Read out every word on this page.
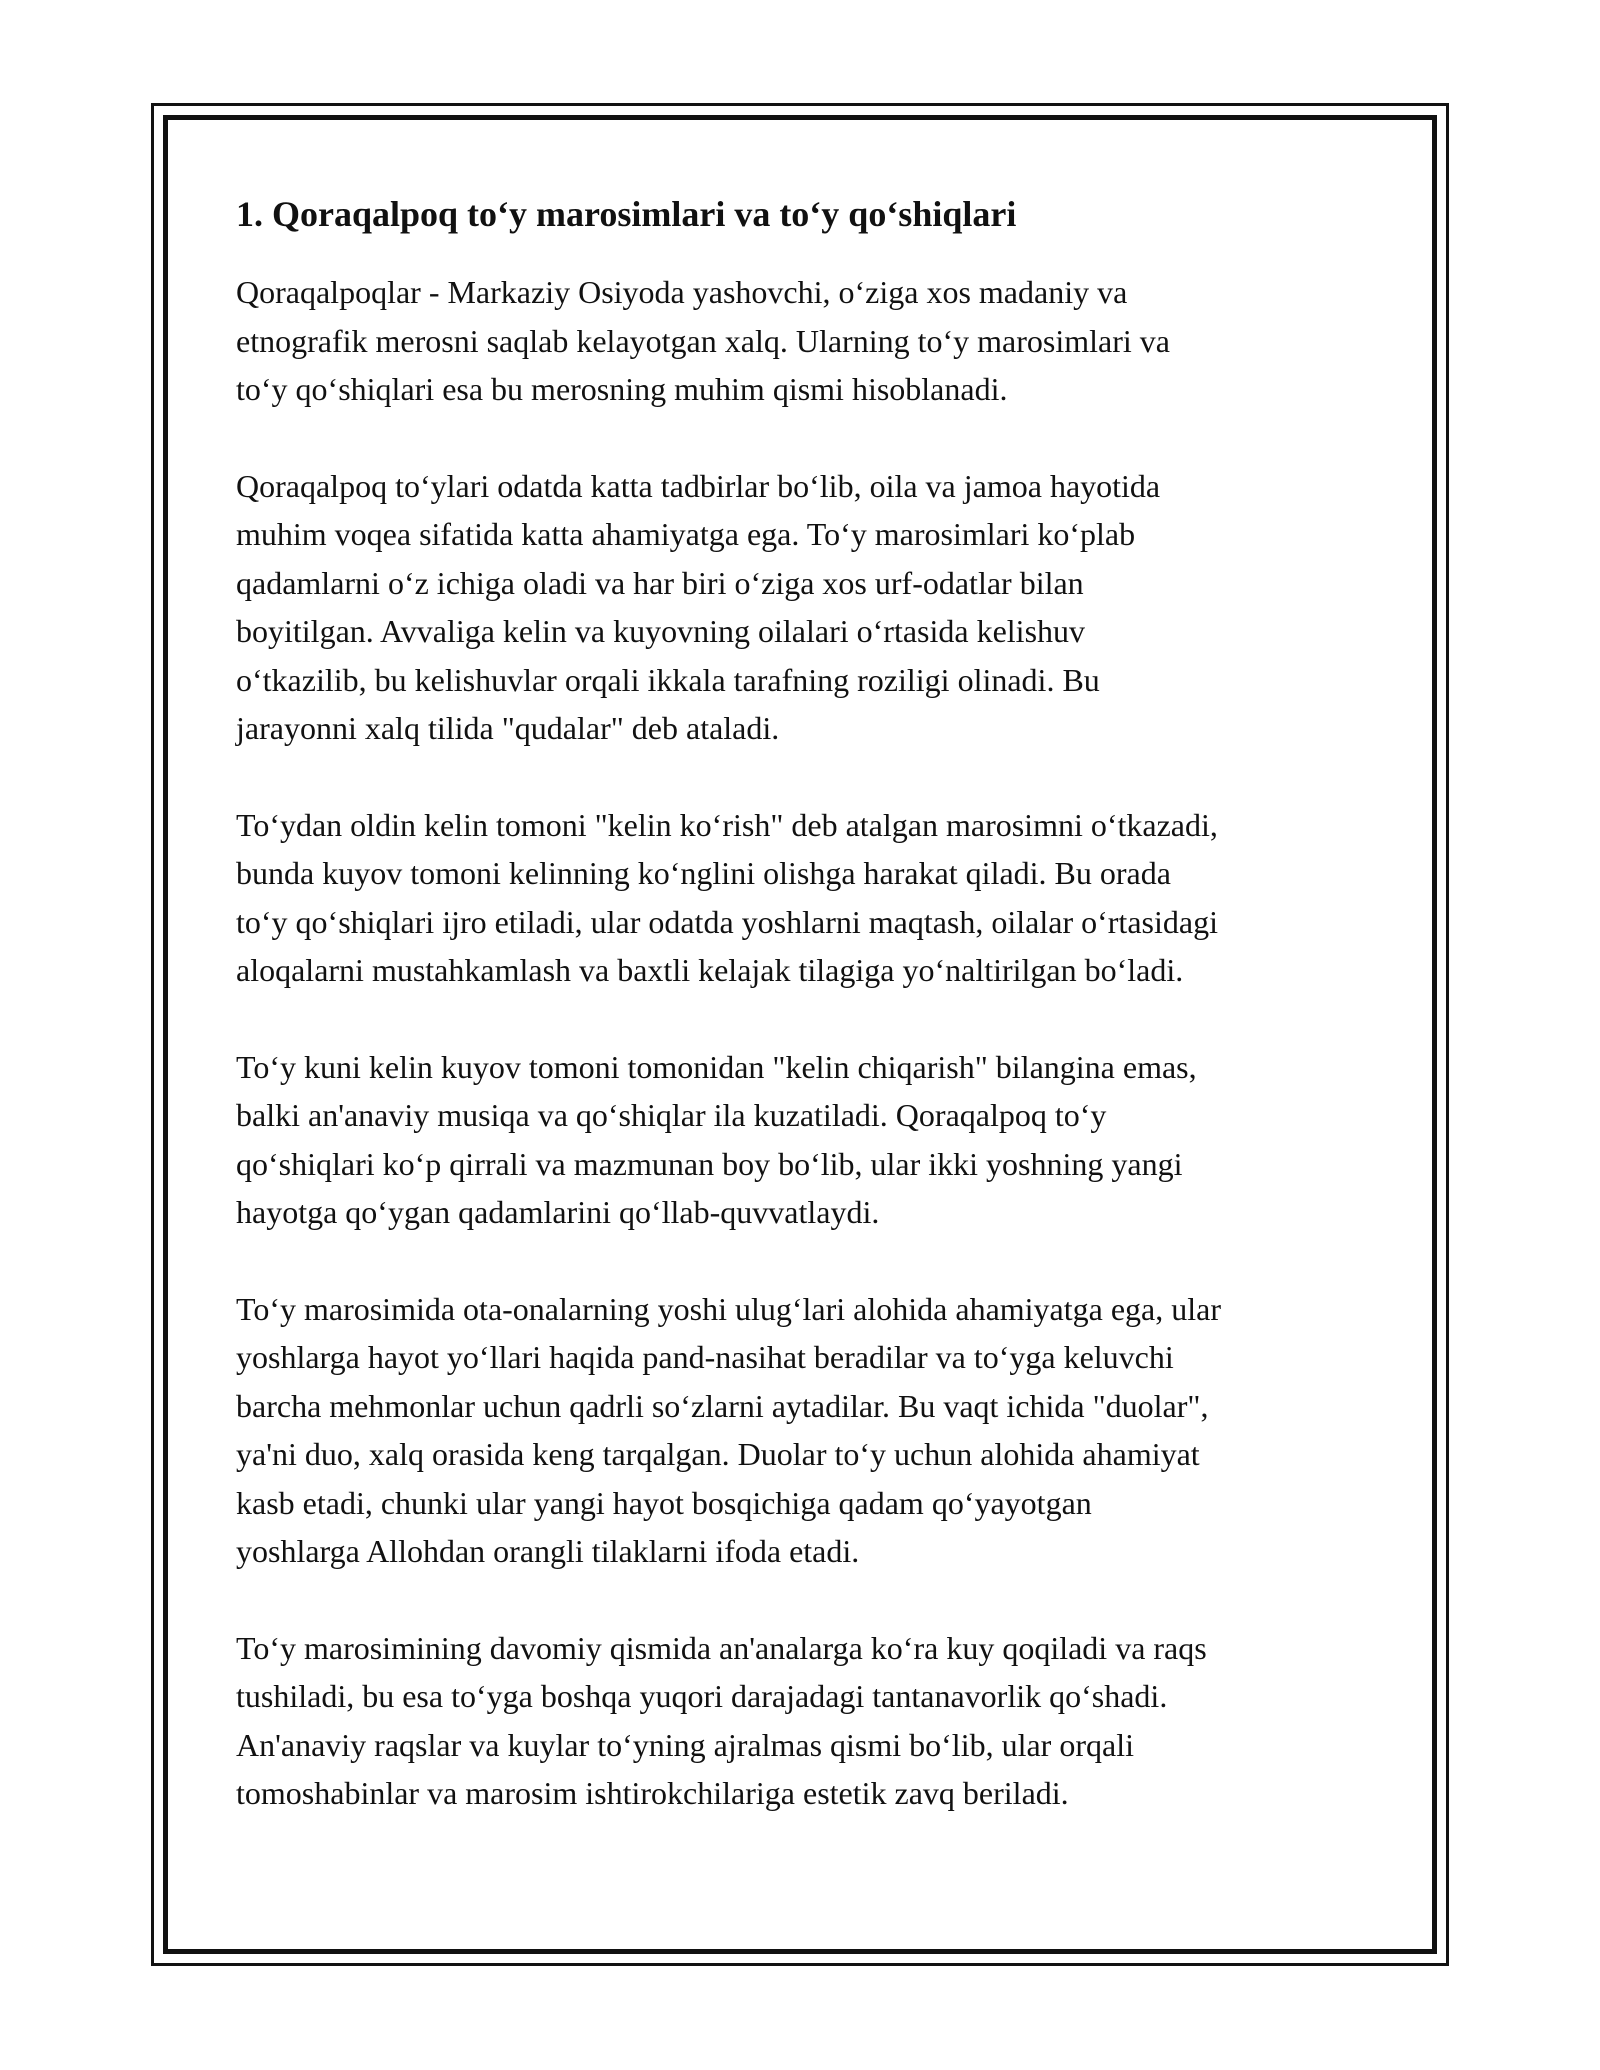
1. Qoraqalpoq to‘y marosimlari va to‘y qo‘shiqlari

Qoraqalpoqlar - Markaziy Osiyoda yashovchi, o‘ziga xos madaniy va
etnografik merosni saqlab kelayotgan xalq. Ularning to‘y marosimlari va
to‘y qo‘shiqlari esa bu merosning muhim qismi hisoblanadi.

Qoraqalpoq to‘ylari odatda katta tadbirlar bo‘lib, oila va jamoa hayotida
muhim voqea sifatida katta ahamiyatga ega. To‘y marosimlari ko‘plab
qadamlarni o‘z ichiga oladi va har biri o‘ziga xos urf-odatlar bilan
boyitilgan. Avvaliga kelin va kuyovning oilalari o‘rtasida kelishuv
o‘tkazilib, bu kelishuvlar orqali ikkala tarafning roziligi olinadi. Bu
jarayonni xalq tilida "qudalar" deb ataladi.

To‘ydan oldin kelin tomoni "kelin ko‘rish" deb atalgan marosimni o‘tkazadi,
bunda kuyov tomoni kelinning ko‘nglini olishga harakat qiladi. Bu orada
to‘y qo‘shiqlari ijro etiladi, ular odatda yoshlarni maqtash, oilalar o‘rtasidagi
aloqalarni mustahkamlash va baxtli kelajak tilagiga yo‘naltirilgan bo‘ladi.

To‘y kuni kelin kuyov tomoni tomonidan "kelin chiqarish" bilangina emas,
balki an'anaviy musiqa va qo‘shiqlar ila kuzatiladi. Qoraqalpoq to‘y
qo‘shiqlari ko‘p qirrali va mazmunan boy bo‘lib, ular ikki yoshning yangi
hayotga qo‘ygan qadamlarini qo‘llab-quvvatlaydi.

To‘y marosimida ota-onalarning yoshi ulug‘lari alohida ahamiyatga ega, ular
yoshlarga hayot yo‘llari haqida pand-nasihat beradilar va to‘yga keluvchi
barcha mehmonlar uchun qadrli so‘zlarni aytadilar. Bu vaqt ichida "duolar",
ya'ni duo, xalq orasida keng tarqalgan. Duolar to‘y uchun alohida ahamiyat
kasb etadi, chunki ular yangi hayot bosqichiga qadam qo‘yayotgan
yoshlarga Allohdan orangli tilaklarni ifoda etadi.

To‘y marosimining davomiy qismida an'analarga ko‘ra kuy qoqiladi va raqs
tushiladi, bu esa to‘yga boshqa yuqori darajadagi tantanavorlik qo‘shadi.
An'anaviy raqslar va kuylar to‘yning ajralmas qismi bo‘lib, ular orqali
tomoshabinlar va marosim ishtirokchilariga estetik zavq beriladi.
